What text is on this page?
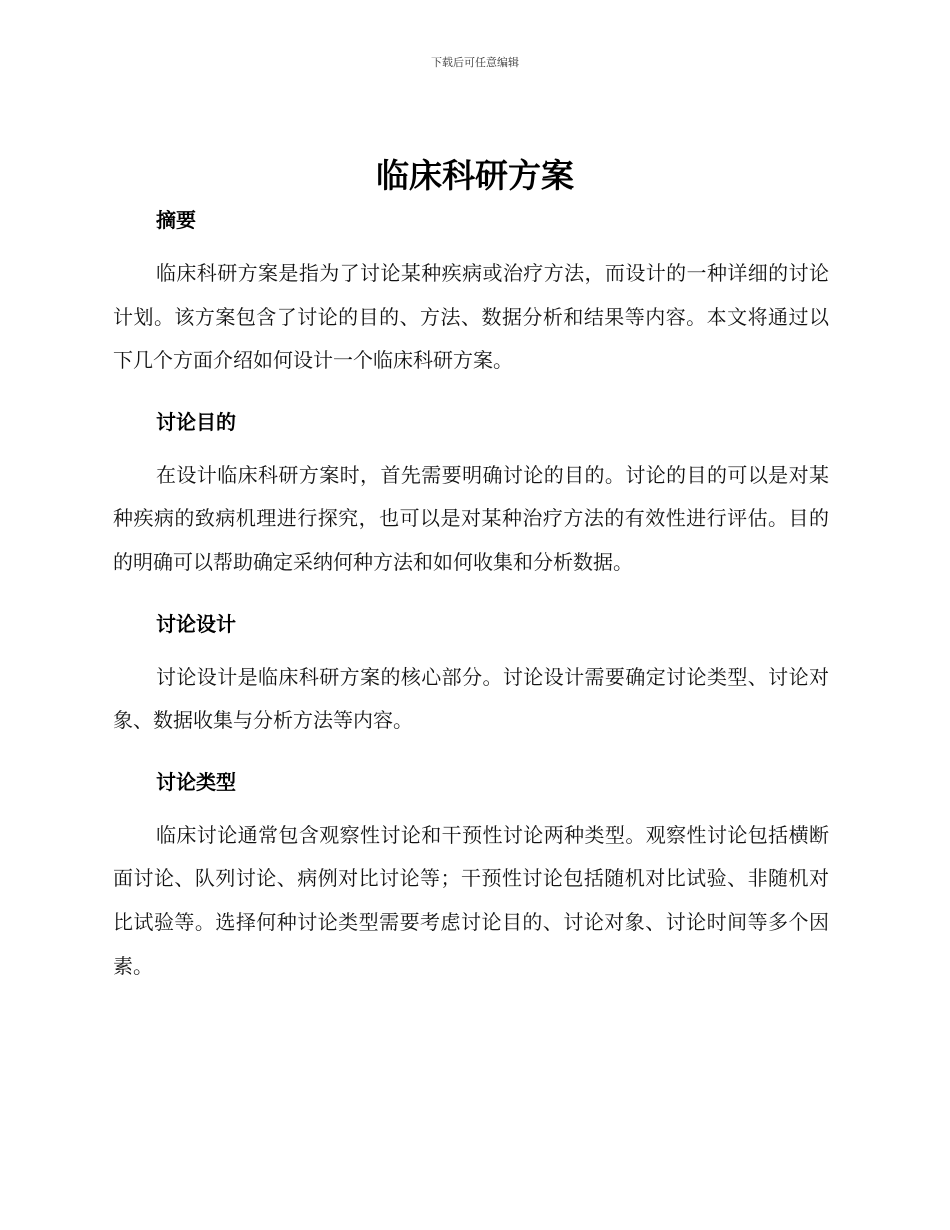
下载后可任意编辑
临床科研方案
摘要

临床科研方案是指为了讨论某种疾病或治疗方法，而设计的一种详细的讨论计划。该方案包含了讨论的目的、方法、数据分析和结果等内容。本文将通过以下几个方面介绍如何设计一个临床科研方案。

讨论目的

在设计临床科研方案时，首先需要明确讨论的目的。讨论的目的可以是对某种疾病的致病机理进行探究，也可以是对某种治疗方法的有效性进行评估。目的的明确可以帮助确定采纳何种方法和如何收集和分析数据。

讨论设计

讨论设计是临床科研方案的核心部分。讨论设计需要确定讨论类型、讨论对象、数据收集与分析方法等内容。

讨论类型

临床讨论通常包含观察性讨论和干预性讨论两种类型。观察性讨论包括横断面讨论、队列讨论、病例对比讨论等；干预性讨论包括随机对比试验、非随机对比试验等。选择何种讨论类型需要考虑讨论目的、讨论对象、讨论时间等多个因素。
